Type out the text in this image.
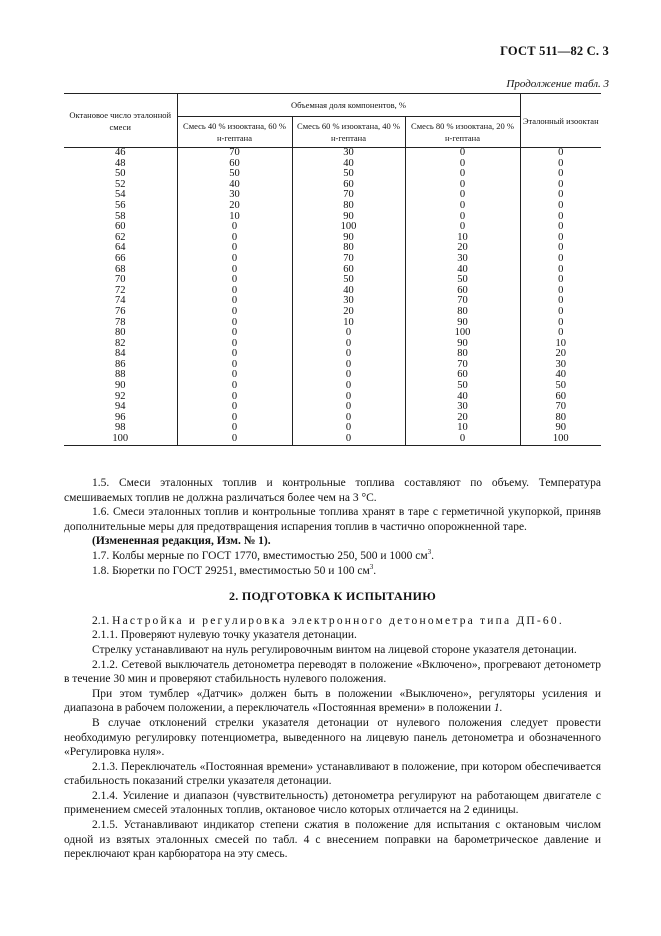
ГОСТ 511—82 С. 3
Продолжение табл. 3
Октановое число эталонной смеси	Объемная доля компонентов, %			Эталонный изооктан
	Смесь 40 % изооктана, 60 % н-гептана	Смесь 60 % изооктана, 40 % н-гептана	Смесь 80 % изооктана, 20 % н-гептана	
46	70	30	0	0
48	60	40	0	0
50	50	50	0	0
52	40	60	0	0
54	30	70	0	0
56	20	80	0	0
58	10	90	0	0
60	0	100	0	0
62	0	90	10	0
64	0	80	20	0
66	0	70	30	0
68	0	60	40	0
70	0	50	50	0
72	0	40	60	0
74	0	30	70	0
76	0	20	80	0
78	0	10	90	0
80	0	0	100	0
82	0	0	90	10
84	0	0	80	20
86	0	0	70	30
88	0	0	60	40
90	0	0	50	50
92	0	0	40	60
94	0	0	30	70
96	0	0	20	80
98	0	0	10	90
100	0	0	0	100

1.5. Смеси эталонных топлив и контрольные топлива составляют по объему. Температура смешиваемых топлив не должна различаться более чем на 3 °С.

1.6. Смеси эталонных топлив и контрольные топлива хранят в таре с герметичной укупоркой, приняв дополнительные меры для предотвращения испарения топлив в частично опорожненной таре.

(Измененная редакция, Изм. № 1).

1.7. Колбы мерные по ГОСТ 1770, вместимостью 250, 500 и 1000 $см^3$.

1.8. Бюретки по ГОСТ 29251, вместимостью 50 и 100 $см^3$.

2. ПОДГОТОВКА К ИСПЫТАНИЮ

2.1. Настройка и регулировка электронного детонометра типа ДП-60.

2.1.1. Проверяют нулевую точку указателя детонации.

Стрелку устанавливают на нуль регулировочным винтом на лицевой стороне указателя детонации.

2.1.2. Сетевой выключатель детонометра переводят в положение «Включено», прогревают детонометр в течение 30 мин и проверяют стабильность нулевого положения.

При этом тумблер «Датчик» должен быть в положении «Выключено», регуляторы усиления и диапазона в рабочем положении, а переключатель «Постоянная времени» в положении 1.

В случае отклонений стрелки указателя детонации от нулевого положения следует провести необходимую регулировку потенциометра, выведенного на лицевую панель детонометра и обозначенного «Регулировка нуля».

2.1.3. Переключатель «Постоянная времени» устанавливают в положение, при котором обеспечивается стабильность показаний стрелки указателя детонации.

2.1.4. Усиление и диапазон (чувствительность) детонометра регулируют на работающем двигателе с применением смесей эталонных топлив, октановое число которых отличается на 2 единицы.

2.1.5. Устанавливают индикатор степени сжатия в положение для испытания с октановым числом одной из взятых эталонных смесей по табл. 4 с внесением поправки на барометрическое давление и переключают кран карбюратора на эту смесь.
